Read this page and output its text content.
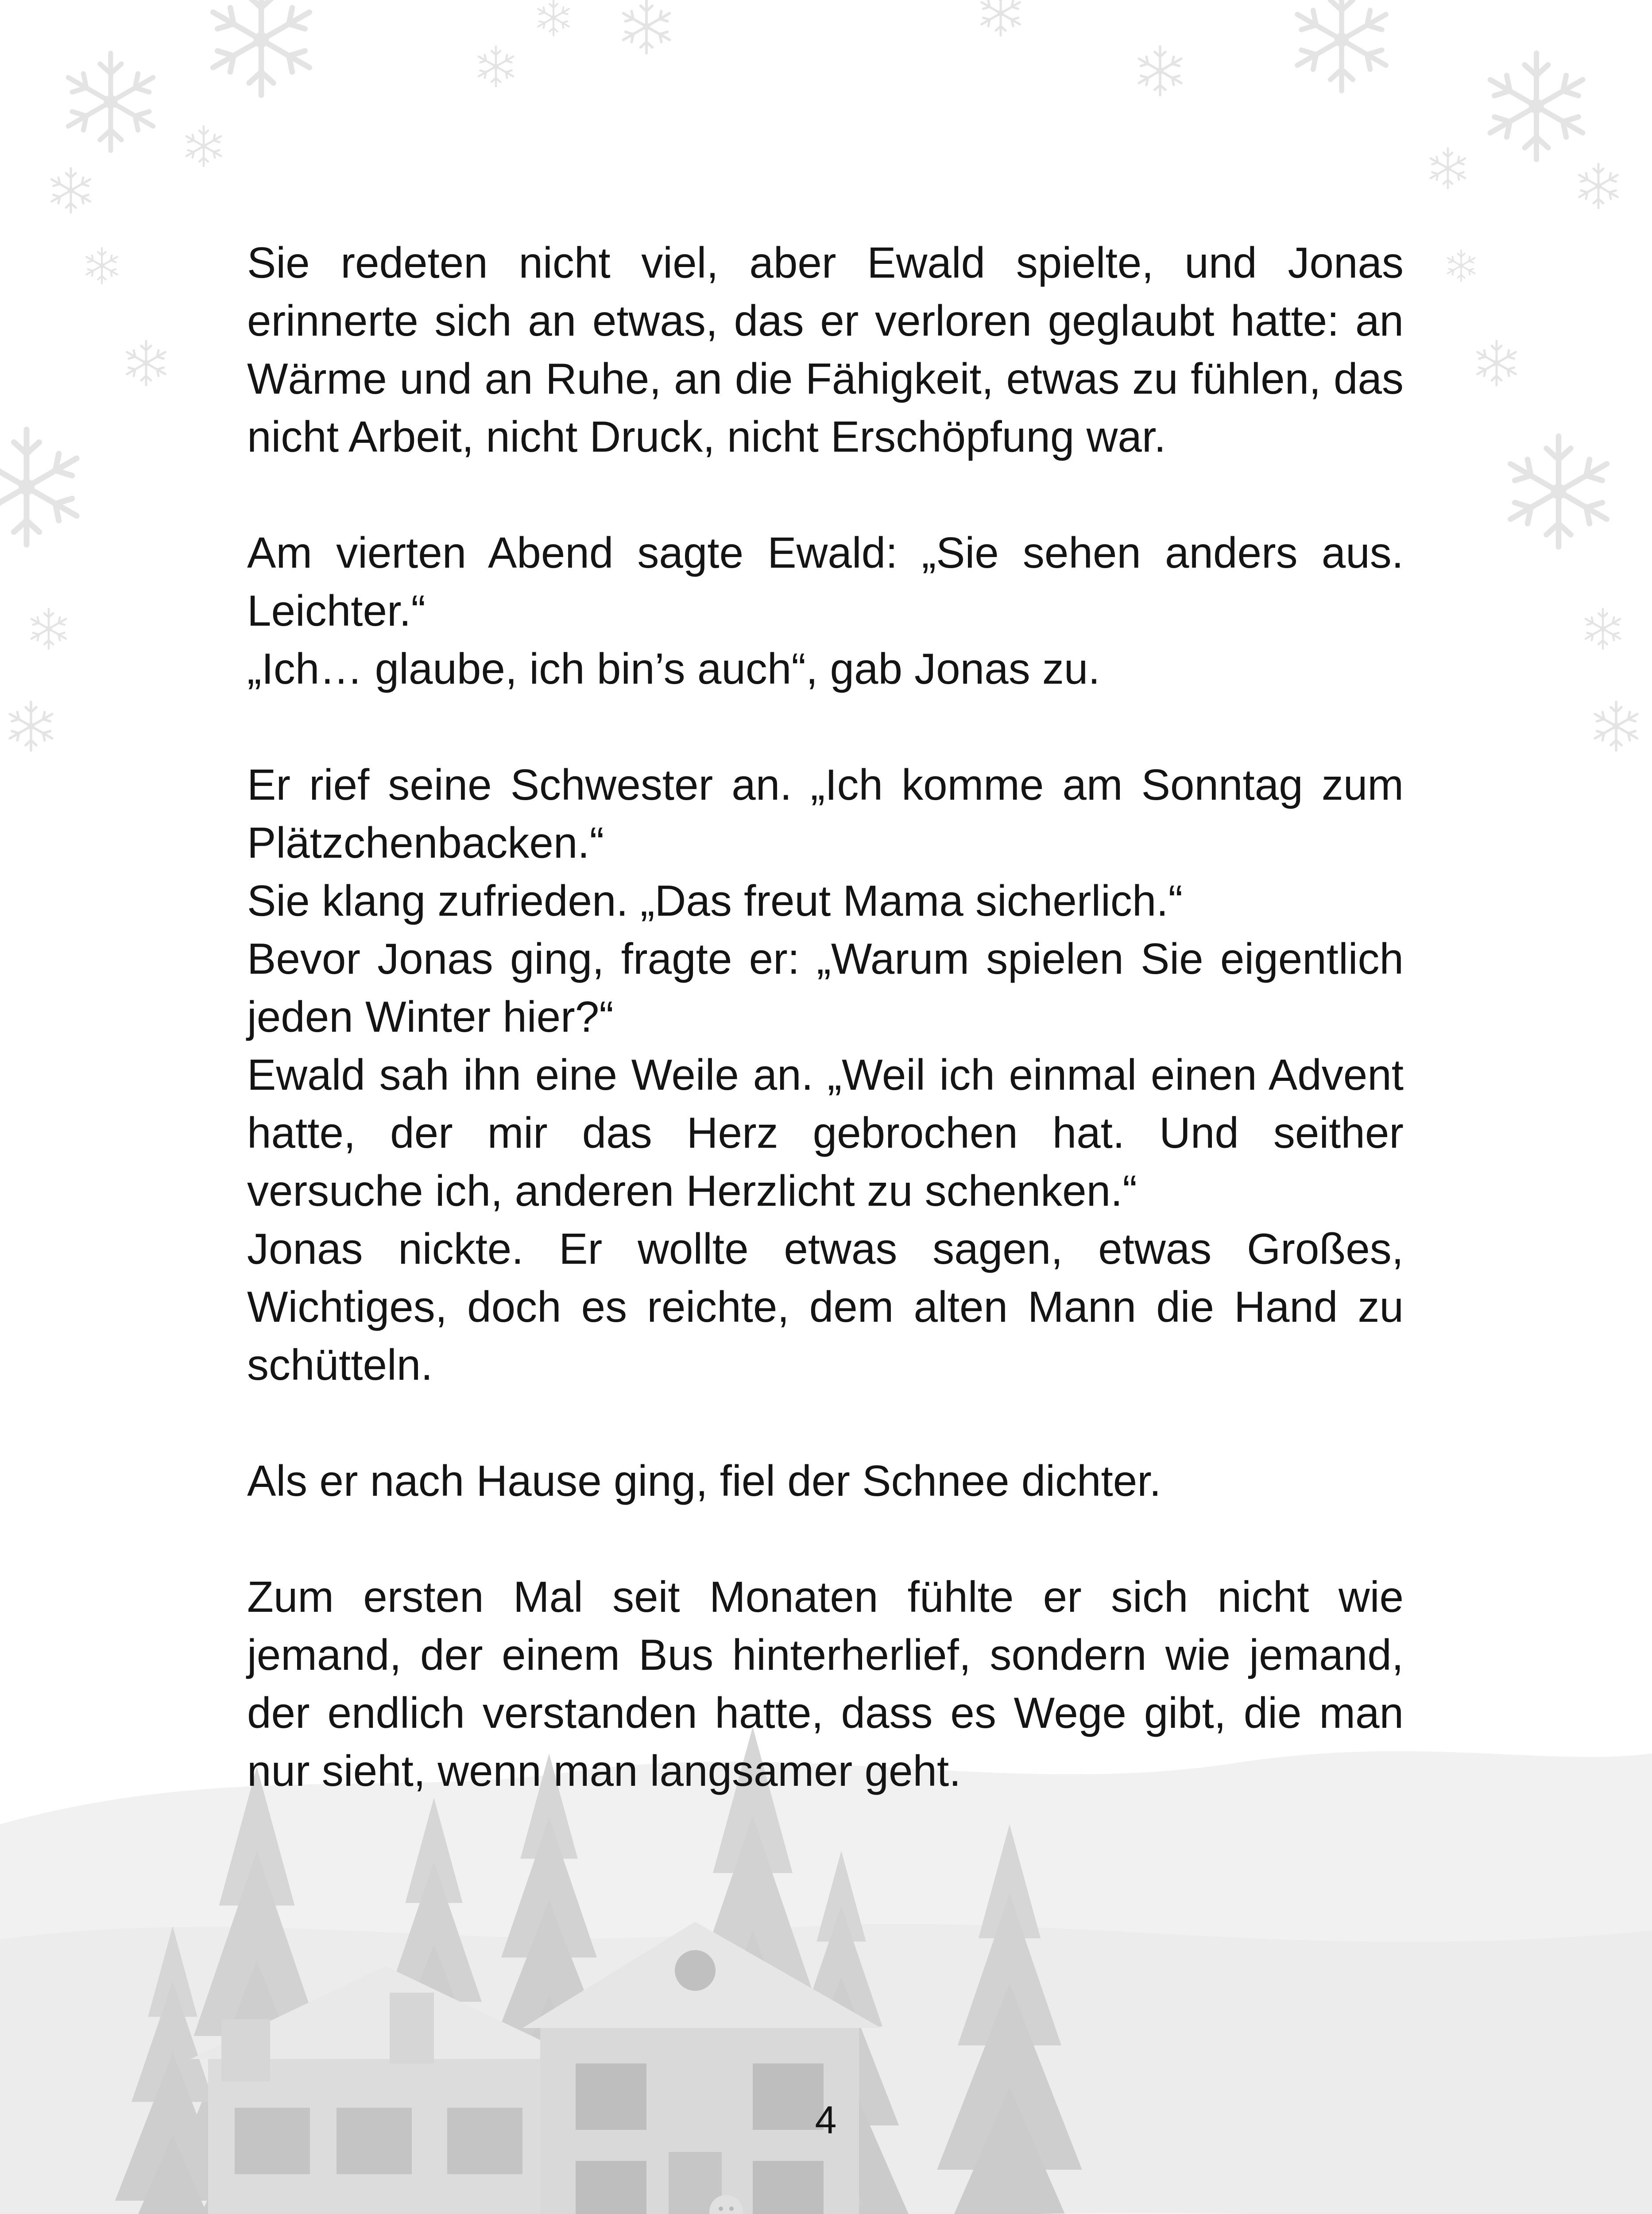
Sie redeten nicht viel, aber Ewald spielte, und Jonas erinnerte sich an etwas, das er verloren geglaubt hatte: an Wärme und an Ruhe, an die Fähigkeit, etwas zu fühlen, das nicht Arbeit, nicht Druck, nicht Erschöpfung war.

Am vierten Abend sagte Ewald: „Sie sehen anders aus. Leichter.“

„Ich… glaube, ich bin’s auch“, gab Jonas zu.

Er rief seine Schwester an. „Ich komme am Sonntag zum Plätzchenbacken.“

Sie klang zufrieden. „Das freut Mama sicherlich.“

Bevor Jonas ging, fragte er: „Warum spielen Sie eigentlich jeden Winter hier?“

Ewald sah ihn eine Weile an. „Weil ich einmal einen Advent hatte, der mir das Herz gebrochen hat. Und seither versuche ich, anderen Herzlicht zu schenken.“

Jonas nickte. Er wollte etwas sagen, etwas Großes, Wichtiges, doch es reichte, dem alten Mann die Hand zu schütteln.

Als er nach Hause ging, fiel der Schnee dichter.

Zum ersten Mal seit Monaten fühlte er sich nicht wie jemand, der einem Bus hinterherlief, sondern wie jemand, der endlich verstanden hatte, dass es Wege gibt, die man nur sieht, wenn man langsamer geht.

4
